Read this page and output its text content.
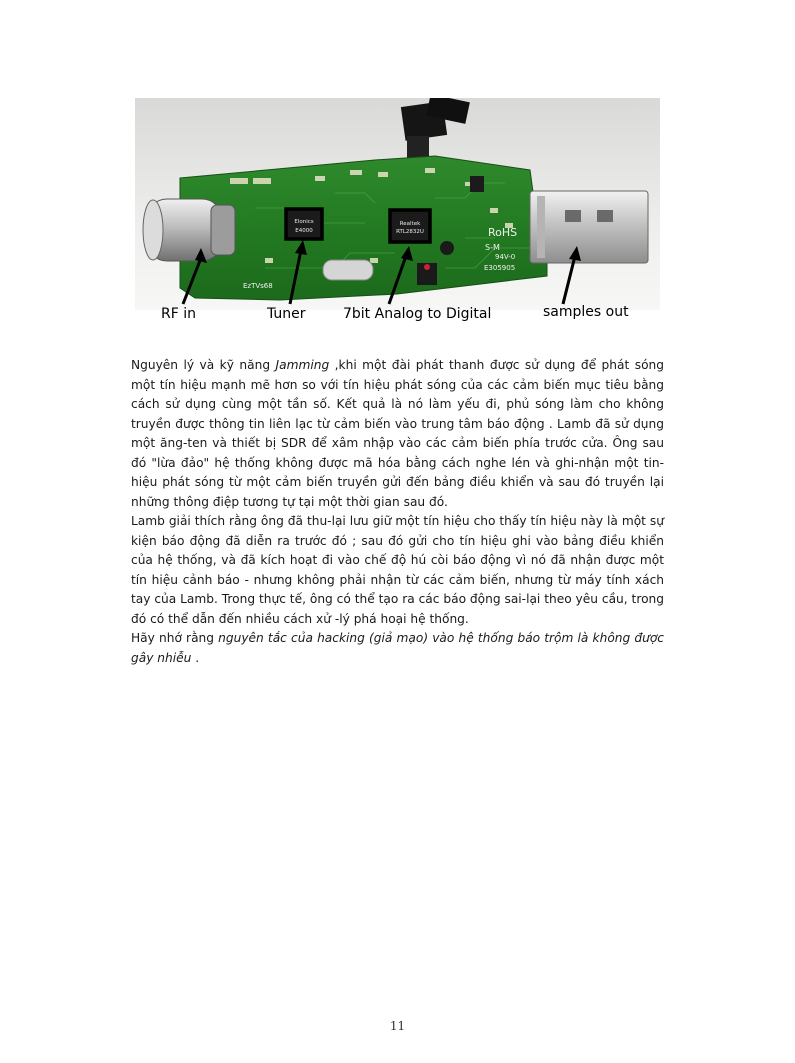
Elonics
E4000
Realtek
RTL2832U	RoHS
S-M
94V-0
E305905
EzTVs68
RF in	Tuner	7bit Analog to Digital	samples out

Nguyên lý và kỹ năng Jamming ,khi một đài phát thanh được sử dụng để phát sóng một tín hiệu mạnh mẽ hơn so với tín hiệu phát sóng của các cảm biến mục tiêu bằng cách sử dụng cùng một tần số. Kết quả là nó làm yếu đi, phủ sóng làm cho không truyền được thông tin liên lạc từ cảm biến vào trung tâm báo động . Lamb đã sử dụng một ăng-ten và thiết bị SDR để xâm nhập vào các cảm biến phía trước cửa. Ông sau đó "lừa đảo" hệ thống không được mã hóa bằng cách nghe lén và ghi-nhận một tin-hiệu phát sóng từ một cảm biến truyền gửi đến bảng điều khiển và sau đó truyền lại những thông điệp tương tự tại một thời gian sau đó.

Lamb giải thích rằng ông đã thu-lại lưu giữ một tín hiệu cho thấy tín hiệu này là một sự kiện báo động đã diễn ra trước đó ; sau đó gửi cho tín hiệu ghi vào bảng điều khiển của hệ thống, và đã kích hoạt đi vào chế độ hú còi báo động vì nó đã nhận được một tín hiệu cảnh báo - nhưng không phải nhận từ các cảm biến, nhưng từ máy tính xách tay của Lamb. Trong thực tế, ông có thể tạo ra các báo động sai-lại theo yêu cầu, trong đó có thể dẫn đến nhiều cách xử -lý phá hoại hệ thống.

Hãy nhớ rằng nguyên tắc của hacking (giả mạo) vào hệ thống báo trộm là không được gây nhiễu .

11
